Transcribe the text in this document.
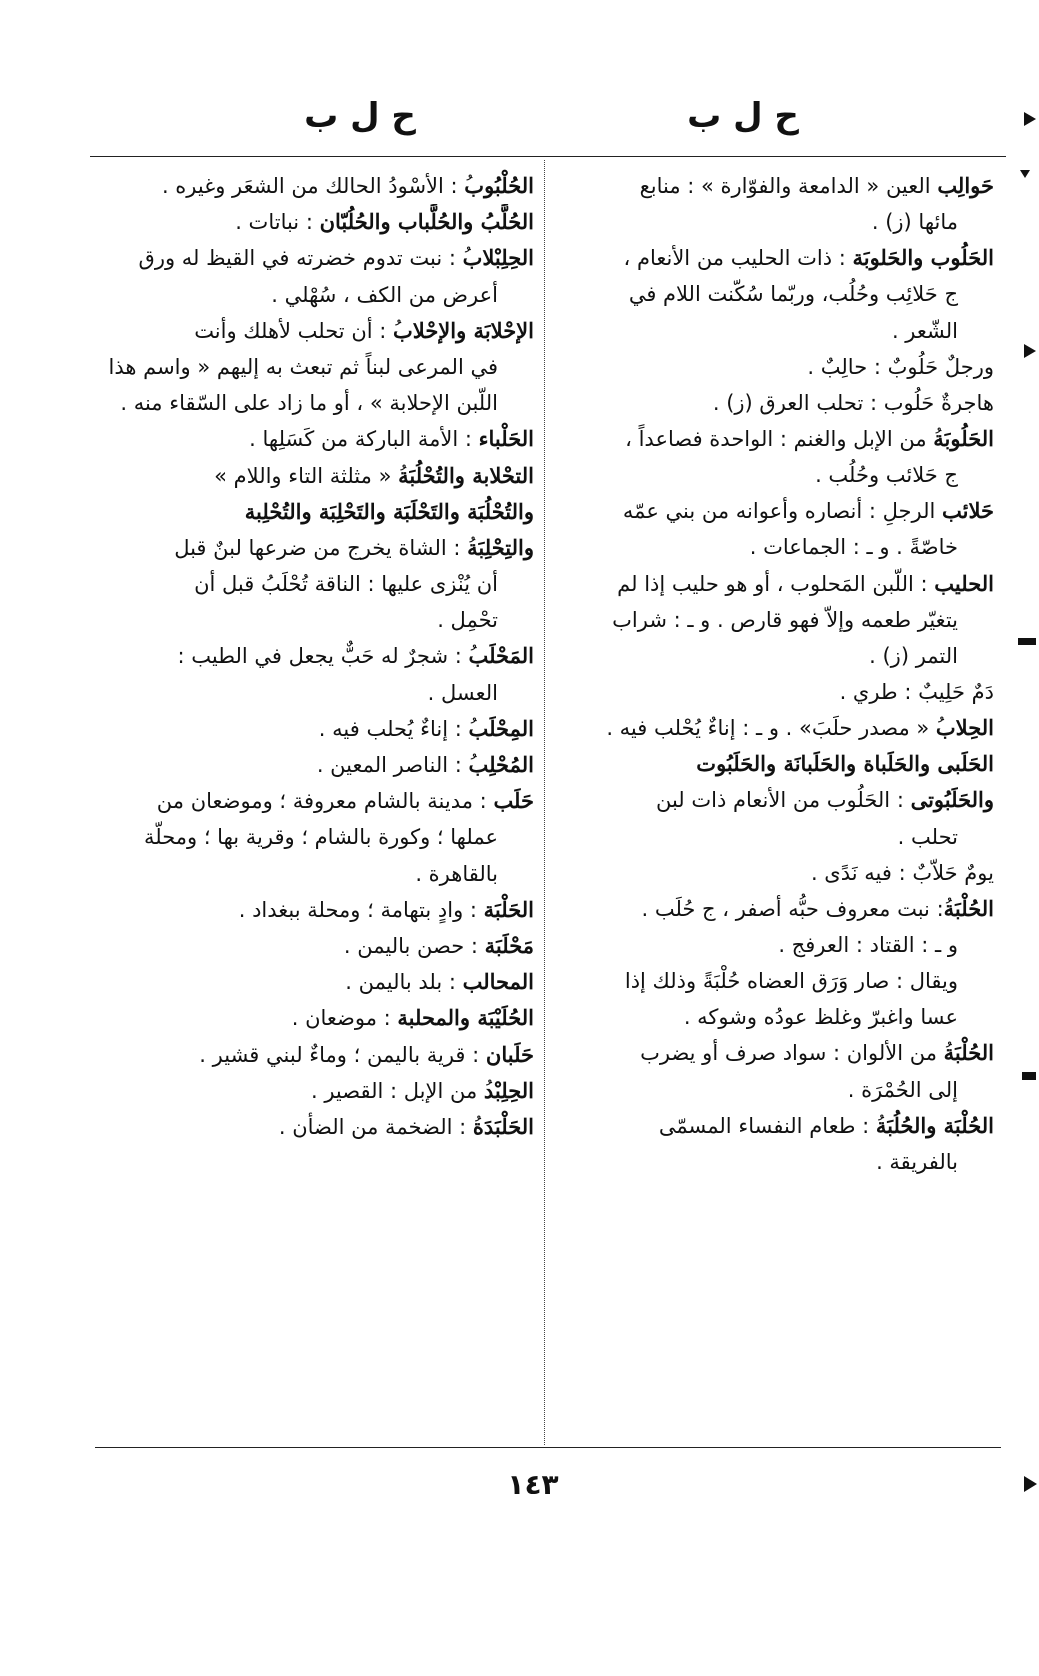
ح ل ب
ح ل ب
حَوالِب العين « الدامعة والفوّارة » : منابع
مائها (ز) .
الحَلُوب والحَلوبَة : ذات الحليب من الأنعام ،
ج حَلائِب وحُلُب، وربّما سُكّنت اللام في
الشّعر .
ورجلٌ حَلُوبٌ : حالِبٌ .
هاجرةٌ حَلُوب : تحلب العرق (ز) .
الحَلُوبَةُ من الإبل والغنم : الواحدة فصاعداً ،
ج حَلائب وحُلُب .
حَلائب الرجلِ : أنصاره وأعوانه من بني عمّه
خاصّةً . و ـ : الجماعات .
الحليب : اللّبن المَحلوب ، أو هو حليب إذا لم
يتغيّر طعمه وإلاّ فهو قارص . و ـ : شراب
التمر (ز) .
دَمٌ حَلِيبٌ : طري .
الحِلابُ « مصدر حلَبَ» . و ـ : إناءٌ يُحْلب فيه .
الحَلَبى والحَلَباة والحَلَبانَة والحَلَبُوت
والحَلَبُوتى : الحَلُوب من الأنعام ذات لبن
تحلب .
يومٌ حَلاّبٌ : فيه نَدًى .
الحُلْبَةُ: نبت معروف حبُّه أصفر ، ج حُلَب .
و ـ : القتاد : العرفج .
ويقال : صار وَرَق العضاه حُلْبَةً وذلك إذا
عسا واغبرّ وغلظ عودُه وشوكه .
الحُلْبَةُ من الألوان : سواد صرف أو يضرب
إلى الحُمْرَة .
الحُلْبَة والحُلُبَةُ : طعام النفساء المسمّى
بالفريقة .
الحُلْبُوبُ : الأسْودُ الحالك من الشعَر وغيره .
الحُلَّبُ والحُلَّباب والحُلُبّان : نباتات .
الحِلِبْلابُ : نبت تدوم خضرته في القيظ له ورق
أعرض من الكف ، سُهْلي .
الإحْلابَة والإحْلابُ : أن تحلب لأهلك وأنت
في المرعى لبناً ثم تبعث به إليهم « واسم هذا
اللّبن الإحلابة » ، أو ما زاد على السّقاء منه .
الحَلْباء : الأمة الباركة من كَسَلِها .
التحْلابة والتُحْلُبَةُ « مثلثة التاء واللام »
والتُحْلُبَة والتَحْلَبَة والتَحْلِبَة والتُحْلِبة
والتِحْلِبَةُ : الشاة يخرج من ضرعها لبنٌ قبل
أن يُنْزى عليها : الناقة تُحْلَبُ قبل أن
تحْمِل .
المَحْلَبُ : شجرٌ له حَبٌّ يجعل في الطيب :
العسل .
المِحْلَبُ : إناءٌ يُحلب فيه .
المُحْلِبُ : الناصر المعين .
حَلَب : مدينة بالشام معروفة ؛ وموضعان من
عملها ؛ وكورة بالشام ؛ وقرية بها ؛ ومحلّة
بالقاهرة .
الحَلْبَة : وادٍ بتهامة ؛ ومحلة ببغداد .
مَحْلَبَة : حصن باليمن .
المحالب : بلد باليمن .
الحُلَيْبَة والمحلبة : موضعان .
حَلَبان : قرية باليمن ؛ وماءٌ لبني قشير .
الحِلِبْدُ من الإبل : القصير .
الحَلْبَدَةُ : الضخمة من الضأن .
١٤٣
